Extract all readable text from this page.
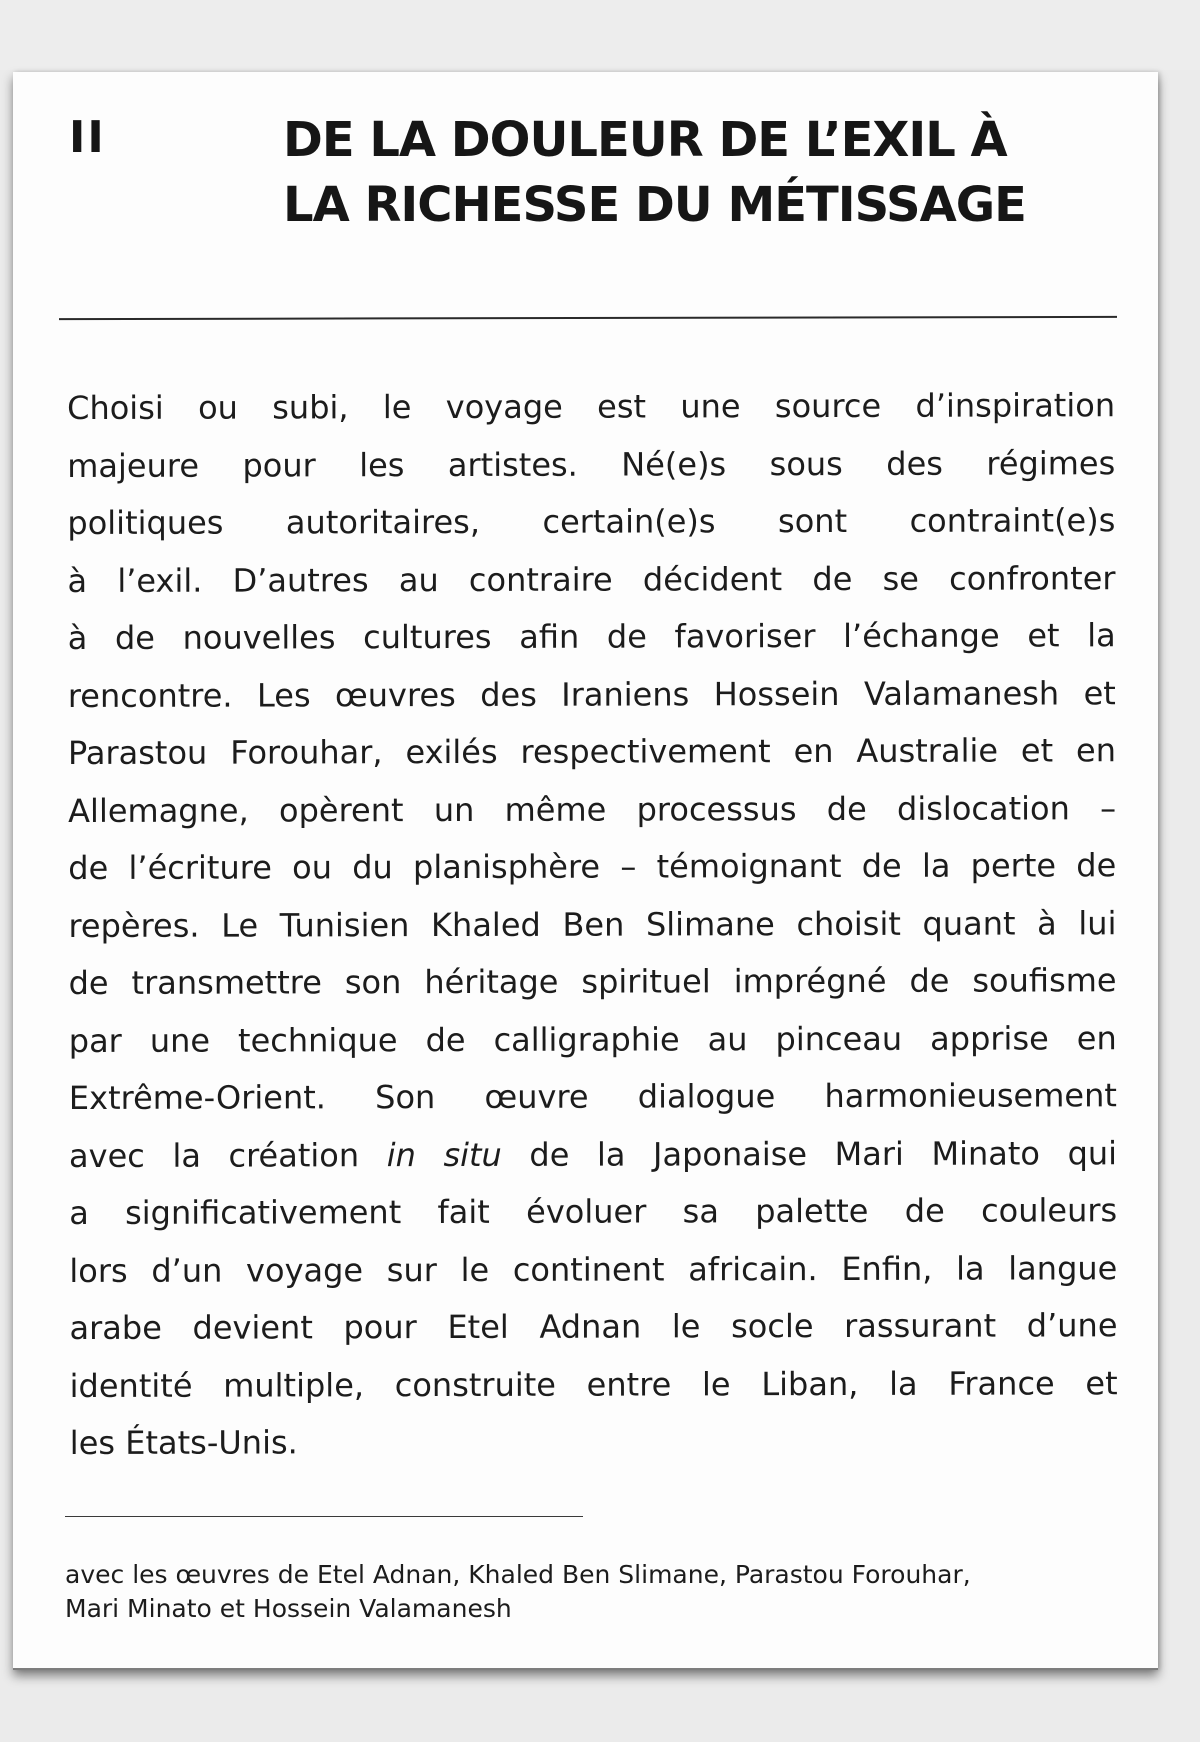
II	DE LA DOULEUR DE L’EXIL À
LA RICHESSE DU MÉTISSAGE
Choisi ou subi, le voyage est une source d’inspiration
majeure pour les artistes. Né(e)s sous des régimes
politiques autoritaires, certain(e)s sont contraint(e)s
à l’exil. D’autres au contraire décident de se confronter
à de nouvelles cultures afin de favoriser l’échange et la
rencontre. Les œuvres des Iraniens Hossein Valamanesh et
Parastou Forouhar, exilés respectivement en Australie et en
Allemagne, opèrent un même processus de dislocation –
de l’écriture ou du planisphère – témoignant de la perte de
repères. Le Tunisien Khaled Ben Slimane choisit quant à lui
de transmettre son héritage spirituel imprégné de soufisme
par une technique de calligraphie au pinceau apprise en
Extrême-Orient. Son œuvre dialogue harmonieusement
avec la création in situ de la Japonaise Mari Minato qui
a significativement fait évoluer sa palette de couleurs
lors d’un voyage sur le continent africain. Enfin, la langue
arabe devient pour Etel Adnan le socle rassurant d’une
identité multiple, construite entre le Liban, la France et
les États-Unis.
avec les œuvres de Etel Adnan, Khaled Ben Slimane, Parastou Forouhar,
Mari Minato et Hossein Valamanesh
